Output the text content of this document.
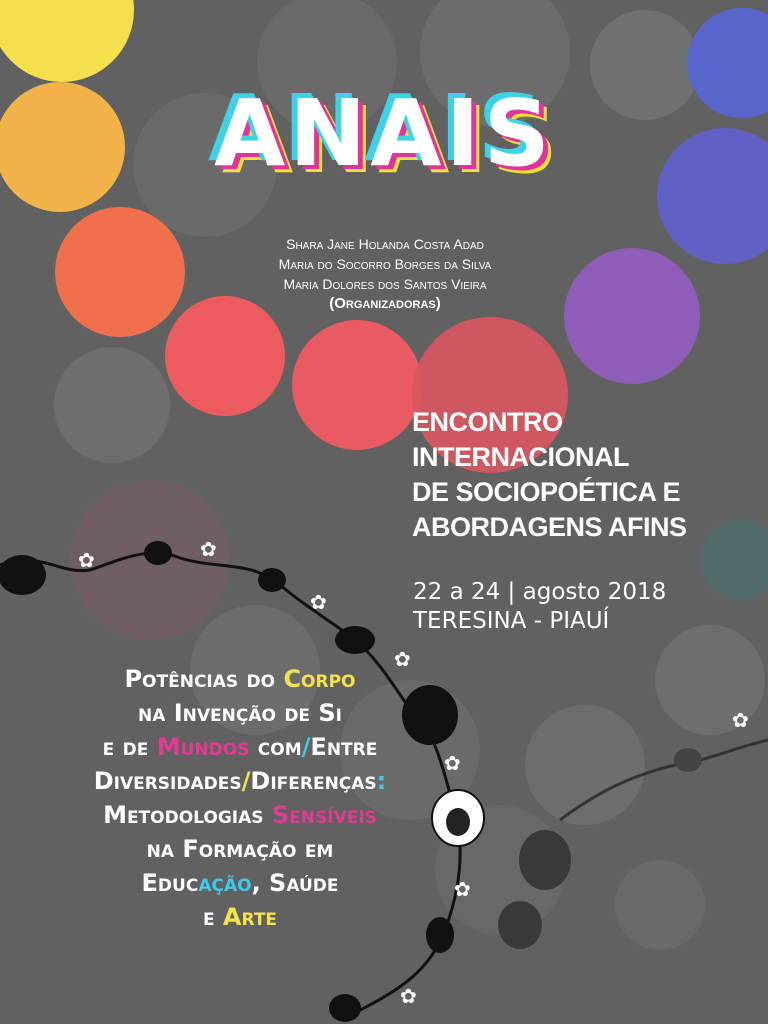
✿	✿
✿
✿
✿
✿
✿
✿
ANAIS
Shara Jane Holanda Costa Adad
Maria do Socorro Borges da Silva
Maria Dolores dos Santos Vieira
(Organizadoras)
ENCONTRO
INTERNACIONAL
DE SOCIOPOÉTICA E
ABORDAGENS AFINS
22 a 24 | agosto 2018
TERESINA - PIAUÍ
Potências do Corpo
na Invenção de Si
e de Mundos com/Entre
Diversidades/Diferenças:
Metodologias Sensíveis
na Formação em
Educação, Saúde
e Arte
